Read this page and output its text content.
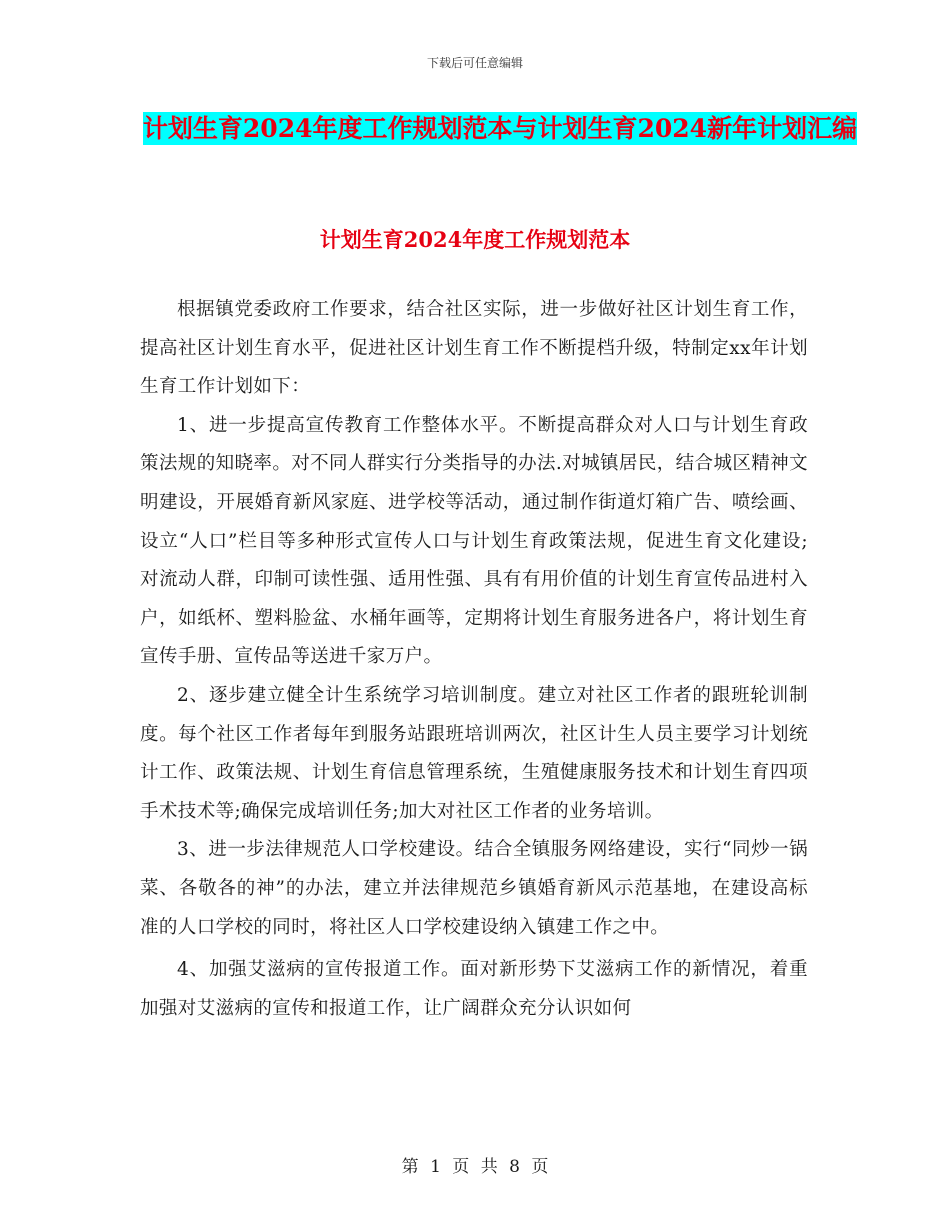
下载后可任意编辑
计划生育2024年度工作规划范本与计划生育2024新年计划汇编
计划生育2024年度工作规划范本

根据镇党委政府工作要求，结合社区实际，进一步做好社区计划生育工作，提高社区计划生育水平，促进社区计划生育工作不断提档升级，特制定xx年计划生育工作计划如下：

1、进一步提高宣传教育工作整体水平。不断提高群众对人口与计划生育政策法规的知晓率。对不同人群实行分类指导的办法.对城镇居民，结合城区精神文明建设，开展婚育新风家庭、进学校等活动，通过制作街道灯箱广告、喷绘画、设立“人口”栏目等多种形式宣传人口与计划生育政策法规，促进生育文化建设;对流动人群，印制可读性强、适用性强、具有有用价值的计划生育宣传品进村入户，如纸杯、塑料脸盆、水桶年画等，定期将计划生育服务进各户，将计划生育宣传手册、宣传品等送进千家万户。

2、逐步建立健全计生系统学习培训制度。建立对社区工作者的跟班轮训制度。每个社区工作者每年到服务站跟班培训两次，社区计生人员主要学习计划统计工作、政策法规、计划生育信息管理系统，生殖健康服务技术和计划生育四项手术技术等;确保完成培训任务;加大对社区工作者的业务培训。

3、进一步法律规范人口学校建设。结合全镇服务网络建设，实行“同炒一锅菜、各敬各的神”的办法，建立并法律规范乡镇婚育新风示范基地，在建设高标准的人口学校的同时，将社区人口学校建设纳入镇建工作之中。

4、加强艾滋病的宣传报道工作。面对新形势下艾滋病工作的新情况，着重加强对艾滋病的宣传和报道工作，让广阔群众充分认识如何

第 1 页 共 8 页
